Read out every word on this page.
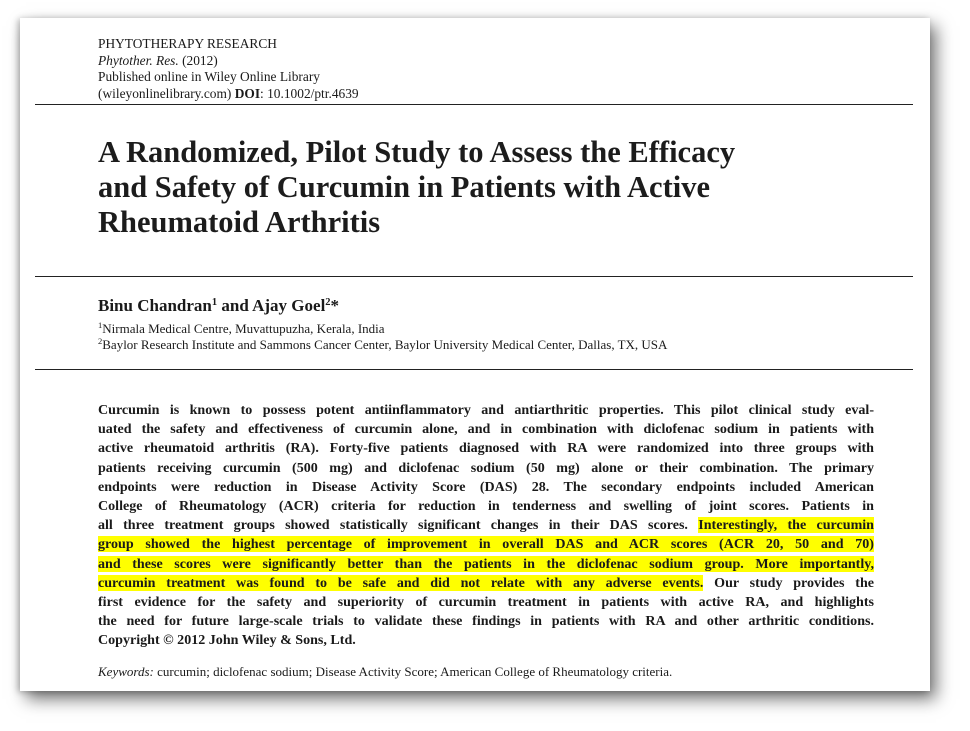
PHYTOTHERAPY RESEARCH
Phytother. Res. (2012)
Published online in Wiley Online Library
(wileyonlinelibrary.com) DOI: 10.1002/ptr.4639
A Randomized, Pilot Study to Assess the Efficacy
and Safety of Curcumin in Patients with Active
Rheumatoid Arthritis
Binu Chandran$^1$ and Ajay Goel$^2$*
$^1$Nirmala Medical Centre, Muvattupuzha, Kerala, India
$^2$Baylor Research Institute and Sammons Cancer Center, Baylor University Medical Center, Dallas, TX, USA
Curcumin is known to possess potent antiinflammatory and antiarthritic properties. This pilot clinical study eval-
uated the safety and effectiveness of curcumin alone, and in combination with diclofenac sodium in patients with
active rheumatoid arthritis (RA). Forty-five patients diagnosed with RA were randomized into three groups with
patients receiving curcumin (500 mg) and diclofenac sodium (50 mg) alone or their combination. The primary
endpoints were reduction in Disease Activity Score (DAS) 28. The secondary endpoints included American
College of Rheumatology (ACR) criteria for reduction in tenderness and swelling of joint scores. Patients in
all three treatment groups showed statistically significant changes in their DAS scores. Interestingly, the curcumin
group showed the highest percentage of improvement in overall DAS and ACR scores (ACR 20, 50 and 70)
and these scores were significantly better than the patients in the diclofenac sodium group. More importantly,
curcumin treatment was found to be safe and did not relate with any adverse events. Our study provides the
first evidence for the safety and superiority of curcumin treatment in patients with active RA, and highlights
the need for future large-scale trials to validate these findings in patients with RA and other arthritic conditions.
Copyright © 2012 John Wiley & Sons, Ltd.
Keywords: curcumin; diclofenac sodium; Disease Activity Score; American College of Rheumatology criteria.
